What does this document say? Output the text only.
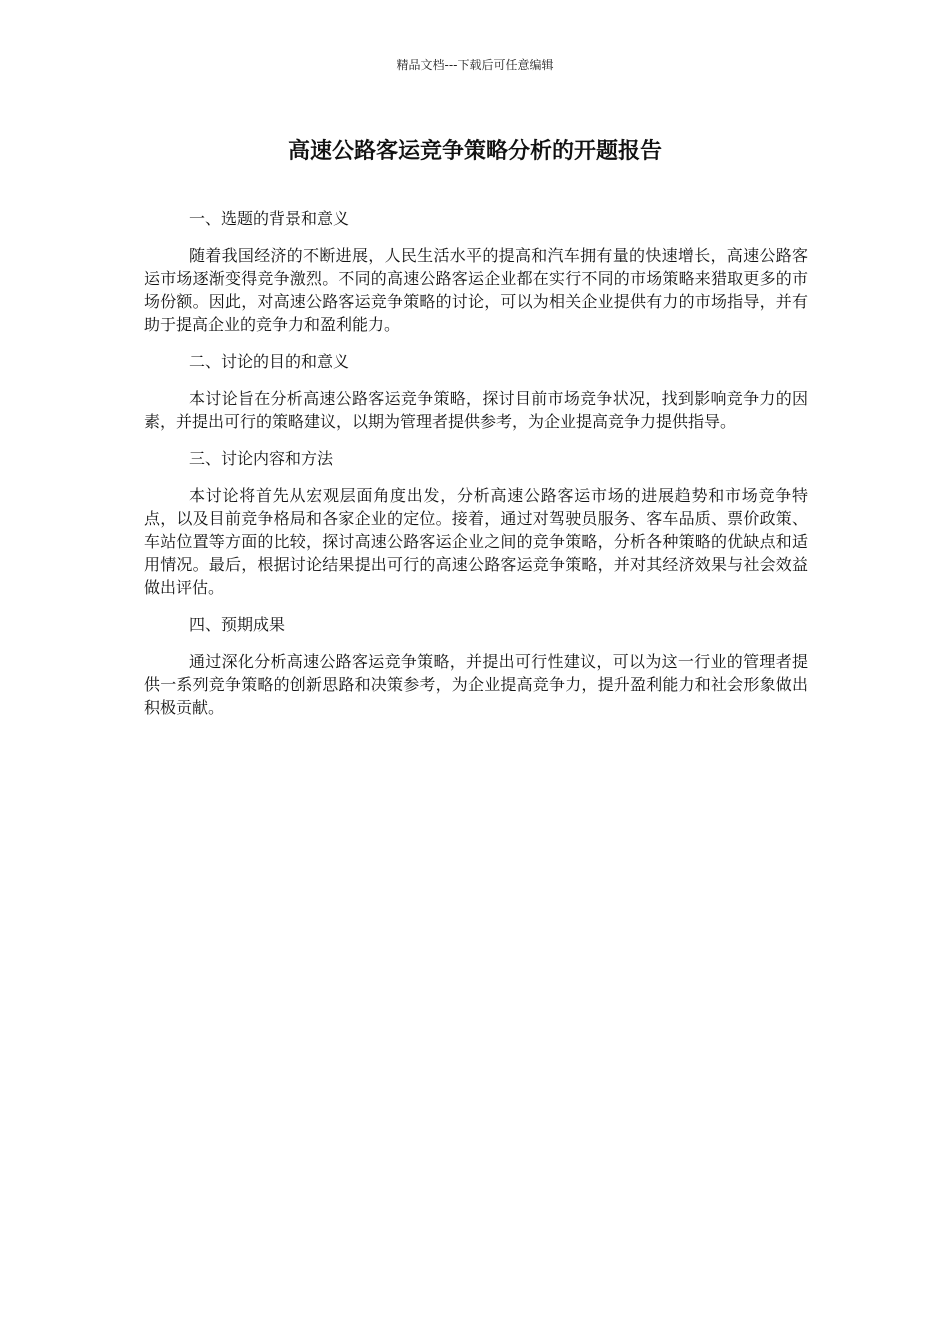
精品文档---下载后可任意编辑
高速公路客运竞争策略分析的开题报告

一、选题的背景和意义

随着我国经济的不断进展，人民生活水平的提高和汽车拥有量的快速增长，高速公路客运市场逐渐变得竞争激烈。不同的高速公路客运企业都在实行不同的市场策略来猎取更多的市场份额。因此，对高速公路客运竞争策略的讨论，可以为相关企业提供有力的市场指导，并有助于提高企业的竞争力和盈利能力。

二、讨论的目的和意义

本讨论旨在分析高速公路客运竞争策略，探讨目前市场竞争状况，找到影响竞争力的因素，并提出可行的策略建议，以期为管理者提供参考，为企业提高竞争力提供指导。

三、讨论内容和方法

本讨论将首先从宏观层面角度出发，分析高速公路客运市场的进展趋势和市场竞争特点，以及目前竞争格局和各家企业的定位。接着，通过对驾驶员服务、客车品质、票价政策、车站位置等方面的比较，探讨高速公路客运企业之间的竞争策略，分析各种策略的优缺点和适用情况。最后，根据讨论结果提出可行的高速公路客运竞争策略，并对其经济效果与社会效益做出评估。

四、预期成果

通过深化分析高速公路客运竞争策略，并提出可行性建议，可以为这一行业的管理者提供一系列竞争策略的创新思路和决策参考，为企业提高竞争力，提升盈利能力和社会形象做出积极贡献。
